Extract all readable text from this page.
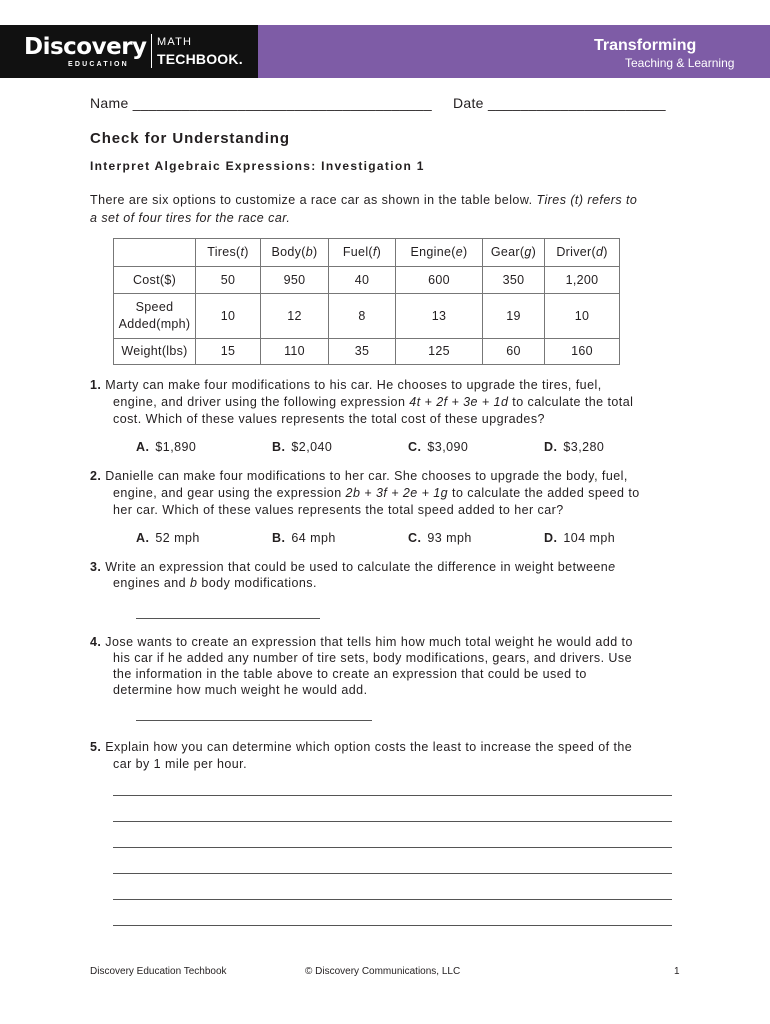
Discovery
EDUCATION
MATH
TECHBOOK.
Transforming
Teaching & Learning
Name _____________________________________ Date ______________________
Check for Understanding
Interpret Algebraic Expressions: Investigation 1
There are six options to customize a race car as shown in the table below. Tires (t) refers to
a set of four tires for the race car.
	Tires(t)	Body(b)	Fuel(f)	Engine(e)	Gear(g)	Driver(d)
Cost($)	50	950	40	600	350	1,200
Speed
Added(mph)	10	12	8	13	19	10
Weight(lbs)	15	110	35	125	60	160
1. Marty can make four modifications to his car. He chooses to upgrade the tires, fuel,
engine, and driver using the following expression 4t + 2f + 3e + 1d to calculate the total
cost. Which of these values represents the total cost of these upgrades?
A. $1,890	B. $2,040	C. $3,090	D. $3,280
2. Danielle can make four modifications to her car. She chooses to upgrade the body, fuel,
engine, and gear using the expression 2b + 3f + 2e + 1g to calculate the added speed to
her car. Which of these values represents the total speed added to her car?
A. 52 mph	B. 64 mph	C. 93 mph	D. 104 mph
3. Write an expression that could be used to calculate the difference in weight betweene
engines and b body modifications.
4. Jose wants to create an expression that tells him how much total weight he would add to
his car if he added any number of tire sets, body modifications, gears, and drivers. Use
the information in the table above to create an expression that could be used to
determine how much weight he would add.
5. Explain how you can determine which option costs the least to increase the speed of the
car by 1 mile per hour.
Discovery Education Techbook	© Discovery Communications, LLC	1
